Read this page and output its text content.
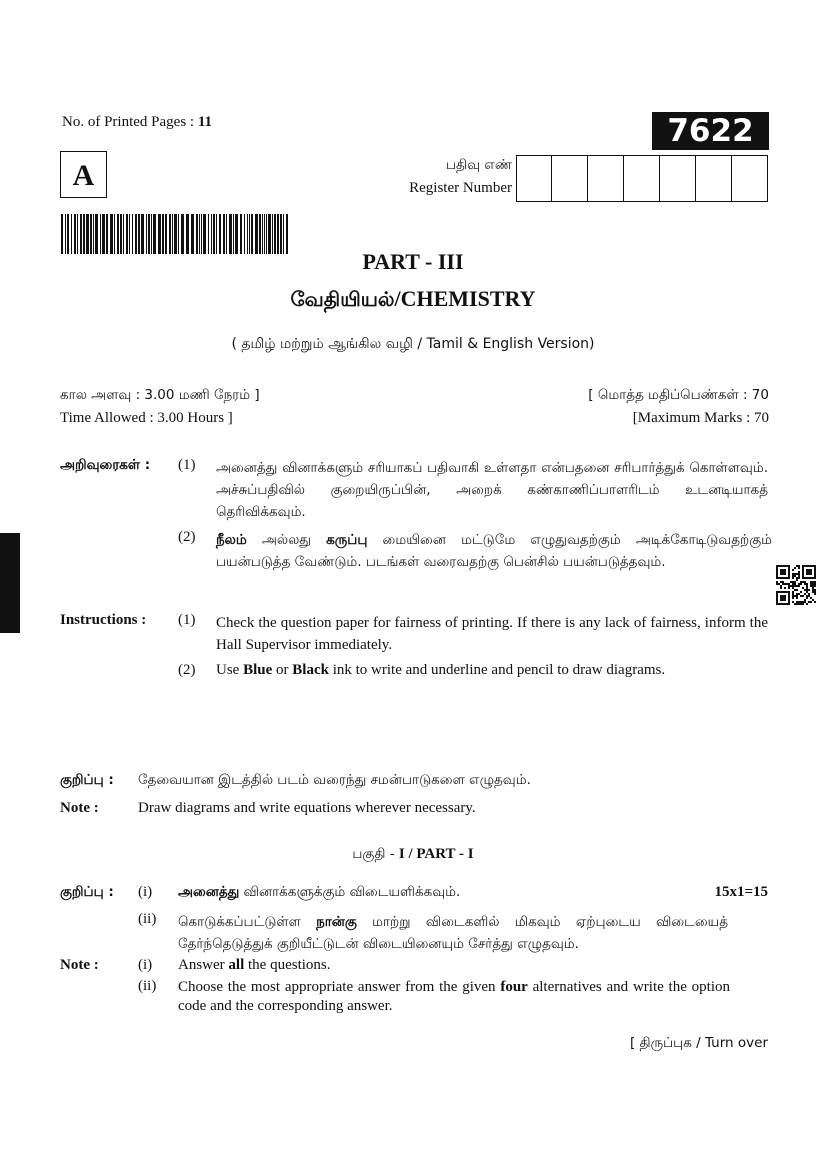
No. of Printed Pages : 11	7622
A	பதிவு எண்
Register Number
PART - III
வேதியியல்/CHEMISTRY
( தமிழ் மற்றும் ஆங்கில வழி / Tamil & English Version)
கால அளவு : 3.00 மணி நேரம் ]
Time Allowed : 3.00 Hours ]
[ மொத்த மதிப்பெண்கள் : 70
[Maximum Marks : 70
அறிவுரைகள் : (1) அனைத்து வினாக்களும் சரியாகப் பதிவாகி உள்ளதா என்பதனை சரிபார்த்துக் கொள்ளவும். அச்சுப்பதிவில் குறையிருப்பின், அறைக் கண்காணிப்பாளரிடம் உடனடியாகத் தெரிவிக்கவும்.
(2) நீலம் அல்லது கருப்பு மையினை மட்டுமே எழுதுவதற்கும் அடிக்கோடிடுவதற்கும் பயன்படுத்த வேண்டும். படங்கள் வரைவதற்கு பென்சில் பயன்படுத்தவும்.
Instructions : (1) Check the question paper for fairness of printing. If there is any lack of fairness, inform the Hall Supervisor immediately.
(2) Use Blue or Black ink to write and underline and pencil to draw diagrams.
குறிப்பு : தேவையான இடத்தில் படம் வரைந்து சமன்பாடுகளை எழுதவும்.
Note :	Draw diagrams and write equations wherever necessary.
பகுதி - I / PART - I
குறிப்பு : (i) அனைத்து வினாக்களுக்கும் விடையளிக்கவும்.	15x1=15
(ii) கொடுக்கப்பட்டுள்ள நான்கு மாற்று விடைகளில் மிகவும் ஏற்புடைய விடையைத் தேர்ந்தெடுத்துக் குறியீட்டுடன் விடையினையும் சேர்த்து எழுதவும்.
Note :	(i) Answer all the questions.
(ii) Choose the most appropriate answer from the given four alternatives and write the option code and the corresponding answer.
[ திருப்புக / Turn over
